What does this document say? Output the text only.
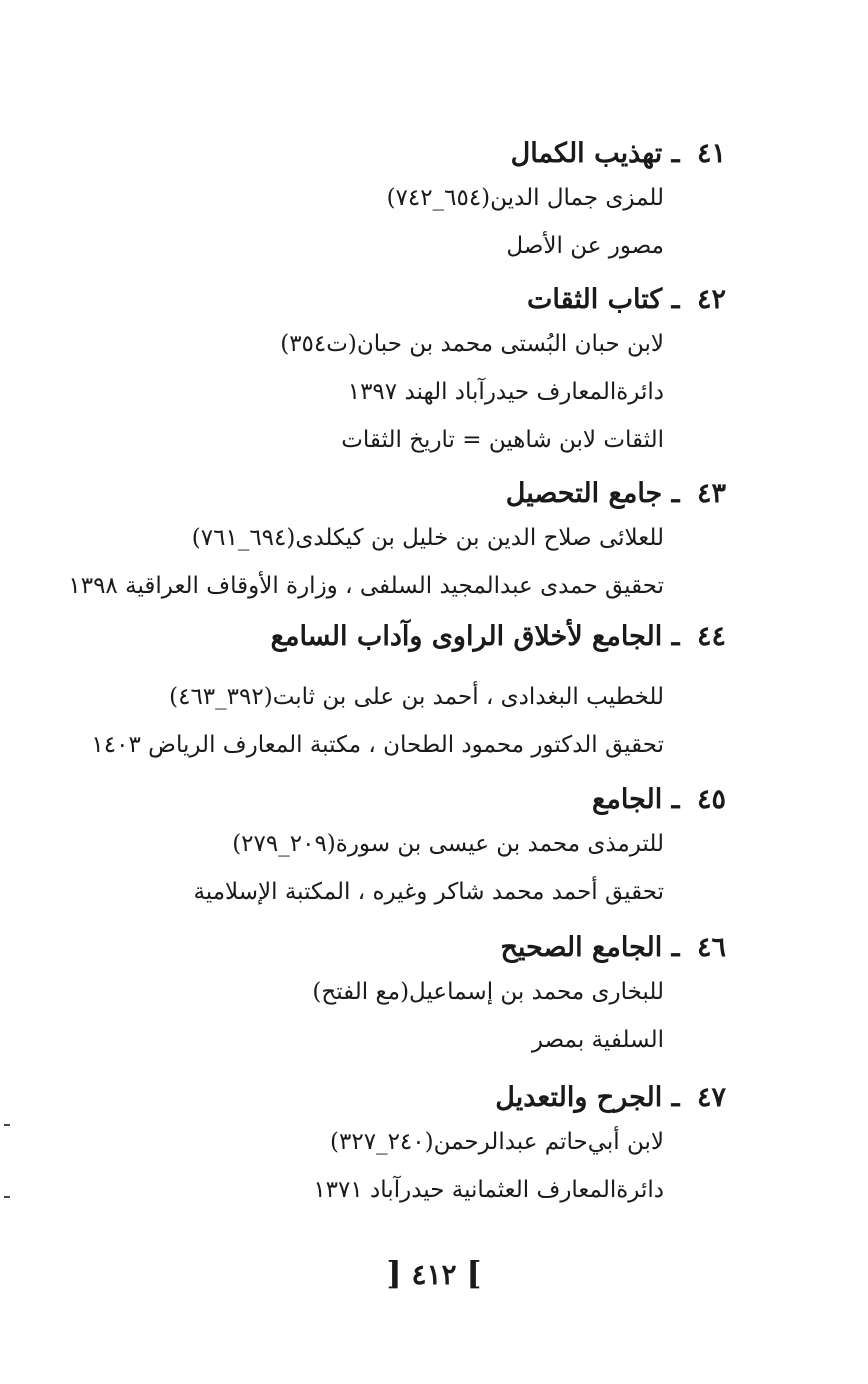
٤١ ـ تهذيب الكمال
للمزى جمال الدين(٦٥٤_٧٤٢)
مصور عن الأصل
٤٢ ـ كتاب الثقات
لابن حبان البُستى محمد بن حبان(ت٣٥٤)
دائرةالمعارف حيدرآباد الهند ١٣٩٧
الثقات لابن شاهين = تاريخ الثقات
٤٣ ـ جامع التحصيل
للعلائى صلاح الدين بن خليل بن كيكلدى(٦٩٤_٧٦١)
تحقيق حمدى عبدالمجيد السلفى ، وزارة الأوقاف العراقية ١٣٩٨
٤٤ ـ الجامع لأخلاق الراوى وآداب السامع
للخطيب البغدادى ، أحمد بن على بن ثابت(٣٩٢_٤٦٣)
تحقيق الدكتور محمود الطحان ، مكتبة المعارف الرياض ١٤٠٣
٤٥ ـ الجامع
للترمذى محمد بن عيسى بن سورة(٢٠٩_٢٧٩)
تحقيق أحمد محمد شاكر وغيره ، المكتبة الإسلامية
٤٦ ـ الجامع الصحيح
للبخارى محمد بن إسماعيل(مع الفتح)
السلفية بمصر
٤٧ ـ الجرح والتعديل
لابن أبي‌حاتم عبدالرحمن(٢٤٠_٣٢٧)
دائرةالمعارف العثمانية حيدرآباد ١٣٧١
] ٤١٢ [
